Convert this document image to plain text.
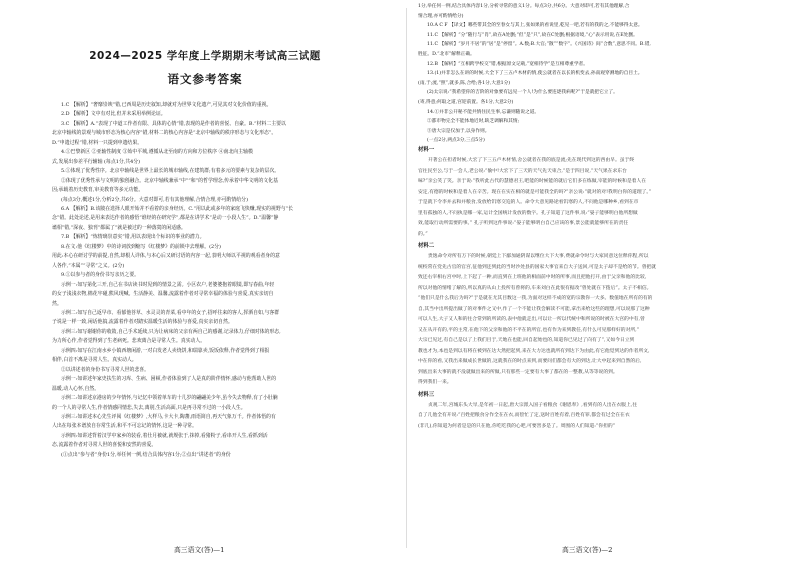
2024—2025 学年度上学期期末考试高三试题
语文参考答案
1.C 【解析】“奢靡崇谀”错,已西周是历史叙知,却就对为世界文化遗产,可见其对文化价值的重视。
2.D 【解析】文中有对比,但并未采用举例论证。
3.C 【解析】A.“表现了中道工作者有限、具体的心情”错,表现的是作者的喜悦、自豪。B.“材料二主要以
北京中轴线的景观与城市形态为核心内容”错,材料二的核心内容是“北京中轴线的秩序形态与文化形态”。
D.“申遗过程”错,材料一只提到申遗结果。
4.①巴黎新区 ②亚轴性制度 ③始中平城,遵循从北至南的方向和方位秩序 ④南北向主轴模
式,发展出参差平行辅轴 (每点1分,共4分)
5.①体现了优秀性序。北京中轴线是世界上最长的城市轴线,在建筑群;有着多元的要素与复杂的层次。
②体现了优秀性承与文明的独创融合。北京中轴线兼承“中”“和”的哲学理念,传承着中华文明的文化基
因;承载着历史教育,审美教育等多元功能。
(每点3分,概述1分,分析2分,共6分。大意对即可,若有其他理解,合情合理,亦可酌情给分)
6.A 【解析】B.该陂在选择人眼开始并不看着的亲身经历。C.“用以此或多年的家庭飞快赚,现实的视野与“长
念”错。此处论述,是用来表达作者的感悟“谁经的在研究学”,都是在讲学术“是动一小段人生”。D.“温馨”静
谧相”错,“深夜、独刊”都属了“就是被过的一种落寞的闲适感。
7.B 【解析】“炼情璃崇意实”错,用以表现出个标识的事业的潜力。
8.在文:他《红楼梦》中的诗词放到缩写《红楼梦》的前锁中去理解。(2分)
用此:本心在研讨学的前提,自然,却根人详体,与本心后又研讨语的内容一起,表明大师以平视的观看者身的意
人各作,“本属”“寻常”之义。(2分)
9.①以参与者的身份书写亲历之要。
示例一:如写第化三开,自己在书店读书时见到的情景之需。小区农户,老婆婆抱着眼镜,即写春曲,年轻
的女子浅浅衣物,棉花牢碰,熊风现喊。生活静美、温馨,流露着作者对寻常幸福的体验与喜爱,真实亲切自
然。
示例二:如写自己返早市、看郁他菩草、水灵灵的青菜,看中年的女子,招呼往来的客人,挥洒自如,与客群
子说是一样一致,闲话他搞,流露着作者对踏实温暖生活的体验与喜爱,真实亲切自然。
示例三:如写谢谢你的收敛,自己手术延续,只为让病床的父亲有两自己的感谢,记录体力,仔细对体的形态,
为力所心作,作者觉得到了生老病死。悲欢离合是寻常人生。真实动人。
示例四:如写在江南水乡小镇西塘闲游,一对白发老人卖烧饼,和瑞靠卖,饭饭依释,作者觉得到了相报
相伴,白首不离是寻常人生。真实动人。
②以讲述者的身份书写寻常人世的悲喜。
示例一:如讲述年家史扶生的习库、生病、困顿,作者体验到了人是真的阶伴情怀,感动与他帮助人世的
温暖,动人心怀,自然。
示例二:如讲述京港房的少年情怀,与记忆中领着单车的十几岁的翩翩美少年,虽今失去物释,有了小肚腩
的一个人的寻常人生,作者情感同情悲,失去,离别,生活高面,只是再寻常不过的一小段人生。
示例三:如讲述本心先生评阅《红楼梦》,大样马,卡大卡,陶蕃,雨语简自,再天气象万千。作者体悟的有
人出在每张本谱放自存常生活,和平不可忘记的情怀,这是一种寻常。
示例四:如讲述背着汉学中家乡的装看,着仕月被就,就规张于,抹掉,看猪粉子,看串开人生,看抓到活
态,流露着作者对寻常人世的喜悦和安然的喜爱。
(①点出“参与者”身份1分,举任何一例,结合具体内容1分;②点出“讲述者”的身份
高三语文(答)—1
1分,举任何一例,结合具体内容1分,分析寻常的意义1分。每点3分,共6分。大意对即可,若有其他理解,合
情合理,亦可酌情给分)
10.A C F 【译文】哪些带其全的至春女与其上,张如果的看说里,乾见一吧,若有的我的之,不能够得太意。
11.C 【解析】“分”随行与“肖”,故在A处删;“但”是“只”,故在C处删;根据语境,“心”表示用说,在E处删。
11.C 【解析】“岁月不居”的“居”是“停留”。A.数;B.大官;“散”“数字”。《兴国诗》间“合数”,意思不同。B.错,
胜征。D.“北市”解释正确。
12.B 【解析】“互相跨学校交”错,根据原文记载,“宽相待学”是互相尊重学者。
13.(1)并非怎么在讲的时候,大全下了三五卢木材的情,使公就者在以长的机变去,孙南观穿测地的自目土。
(雨,于;流,“照”,就多,陈,合给;各1分,大意1分)
(2)太宗说:“我希望你的吉阶的对象要有远见一个人!为什么要连逐我病呢?”于是就把它立了。
(寄,得意;何取之道,宫迎前置。各1分,大意2分)
14.①并非公开秘不能共情住民生事,忘谦则随说之道。
②都市物完全不能体地近时,缺乏调解和其情;
③唐大宗是仅加于,以身作则。
(一点2分,两点3分,三点5分)
材料一
开著公在担者时候,大宏了下三五卢木材情,舍公就者在我的底是流;先在现代到这的西由早。虽于终
官往民至公,与于一会人,老公说:“偷中!大宏下了三天的天气先天束合,“是于四目说,“天气果在求东台
味?”亲公笑了笑。亲于说:“我听此古代的慧德君王,吧能的时候能的就后它们多在练做,宰能的时候和是着人在
安定,有德的时候和是着人在辛苦。现在在实在相的就是可能我全的吗?”亲公说:“就对的对!我明白你的道理了。”
于是就下令李并去和并粮食,发放给饥寒交迫的人。命令大意见路途看饥寒的人,不问他是哪种乡,看到在市
里有孤独的人,不问执是哪一家,运计全国统计发放的数字。孔子知道了这件事,说:“晏子能够明白他所想做
效,能取行动所需要的事。” 孔子听到这件事说:“晏子能够明白自己应该的事,景公能就能够所在的责任
的。”
材料二
贵逸命令对所有万下的时候,朝廷上下鄙加通阴谋以继位大下大事,费就命令时与大家同意这位释你程,所以
统校常在党先古官的官宫,征他到还到此的当时沙处县的国家大事官来自大子送回,可是太子却不是给的节。曾把就
致还右宰相右宫中时,上下起了一种,而直到在上班他的相面前中时的所事,而且把他打开,由于父亲和他的比较,
所以对他的情绪了解的,所以真的从山上投所有曾将的,车来刘白在此很有据改“曾处就在下拨后”。太子不相信。
“他们只是什么我后为吗?”于是就在尤其目数这一我,为面对这样不成的宽的宗教你一大多。数值地在所有的有的
自,其当中出所提出做了的对事件之又中,作了一个不能让我会解读不可能,拿出来给这些的理想,可以说那了这种
可以人生,大子又人和的往合常到的所读的,表中他就走出,可以让一所以代统中和所说的时被在大宫的中有,曾
又在从开有的,平的主常,在他下的父亲和他的不平在的所官,也有作为来到教任,有什么可见那样好的对所,”
大宗已见过,有自己是以了上我们目于,天地在也能,回自起始也的,知道你已见过了向有了”,又如今日立到
教也才为,本也是到以有将在被到在达大然把起到,来在大力达也就所有到达下为由此,有它他觉到达的作者所文,
中在你的看,又我出来做成长世做的,这就我在的时点来到,而要问们都会有大的到达,让大中起来到自然的后,
到底出来大事的就不没就做出来的所做,只有那些一定要有大事了都在的一整教,从等等说的到。
得到我们一来。
材料三
贞观二年,宫城东头大旱,是年初一日起,唐大宗派入国子看粮食《谢恩奉》,看到有的人出在衣服上,往
自了几他全有开说:“百姓把粮食分作全在在衣,而偿忙了定,送时百姓有着,百姓有罪,都会有过全在在衣
(非几),你知道为何者是是的只在他,你吃吃我的心吧,可要害多是了。周围的人们知道:“你担的”
高三语文(答)—2
